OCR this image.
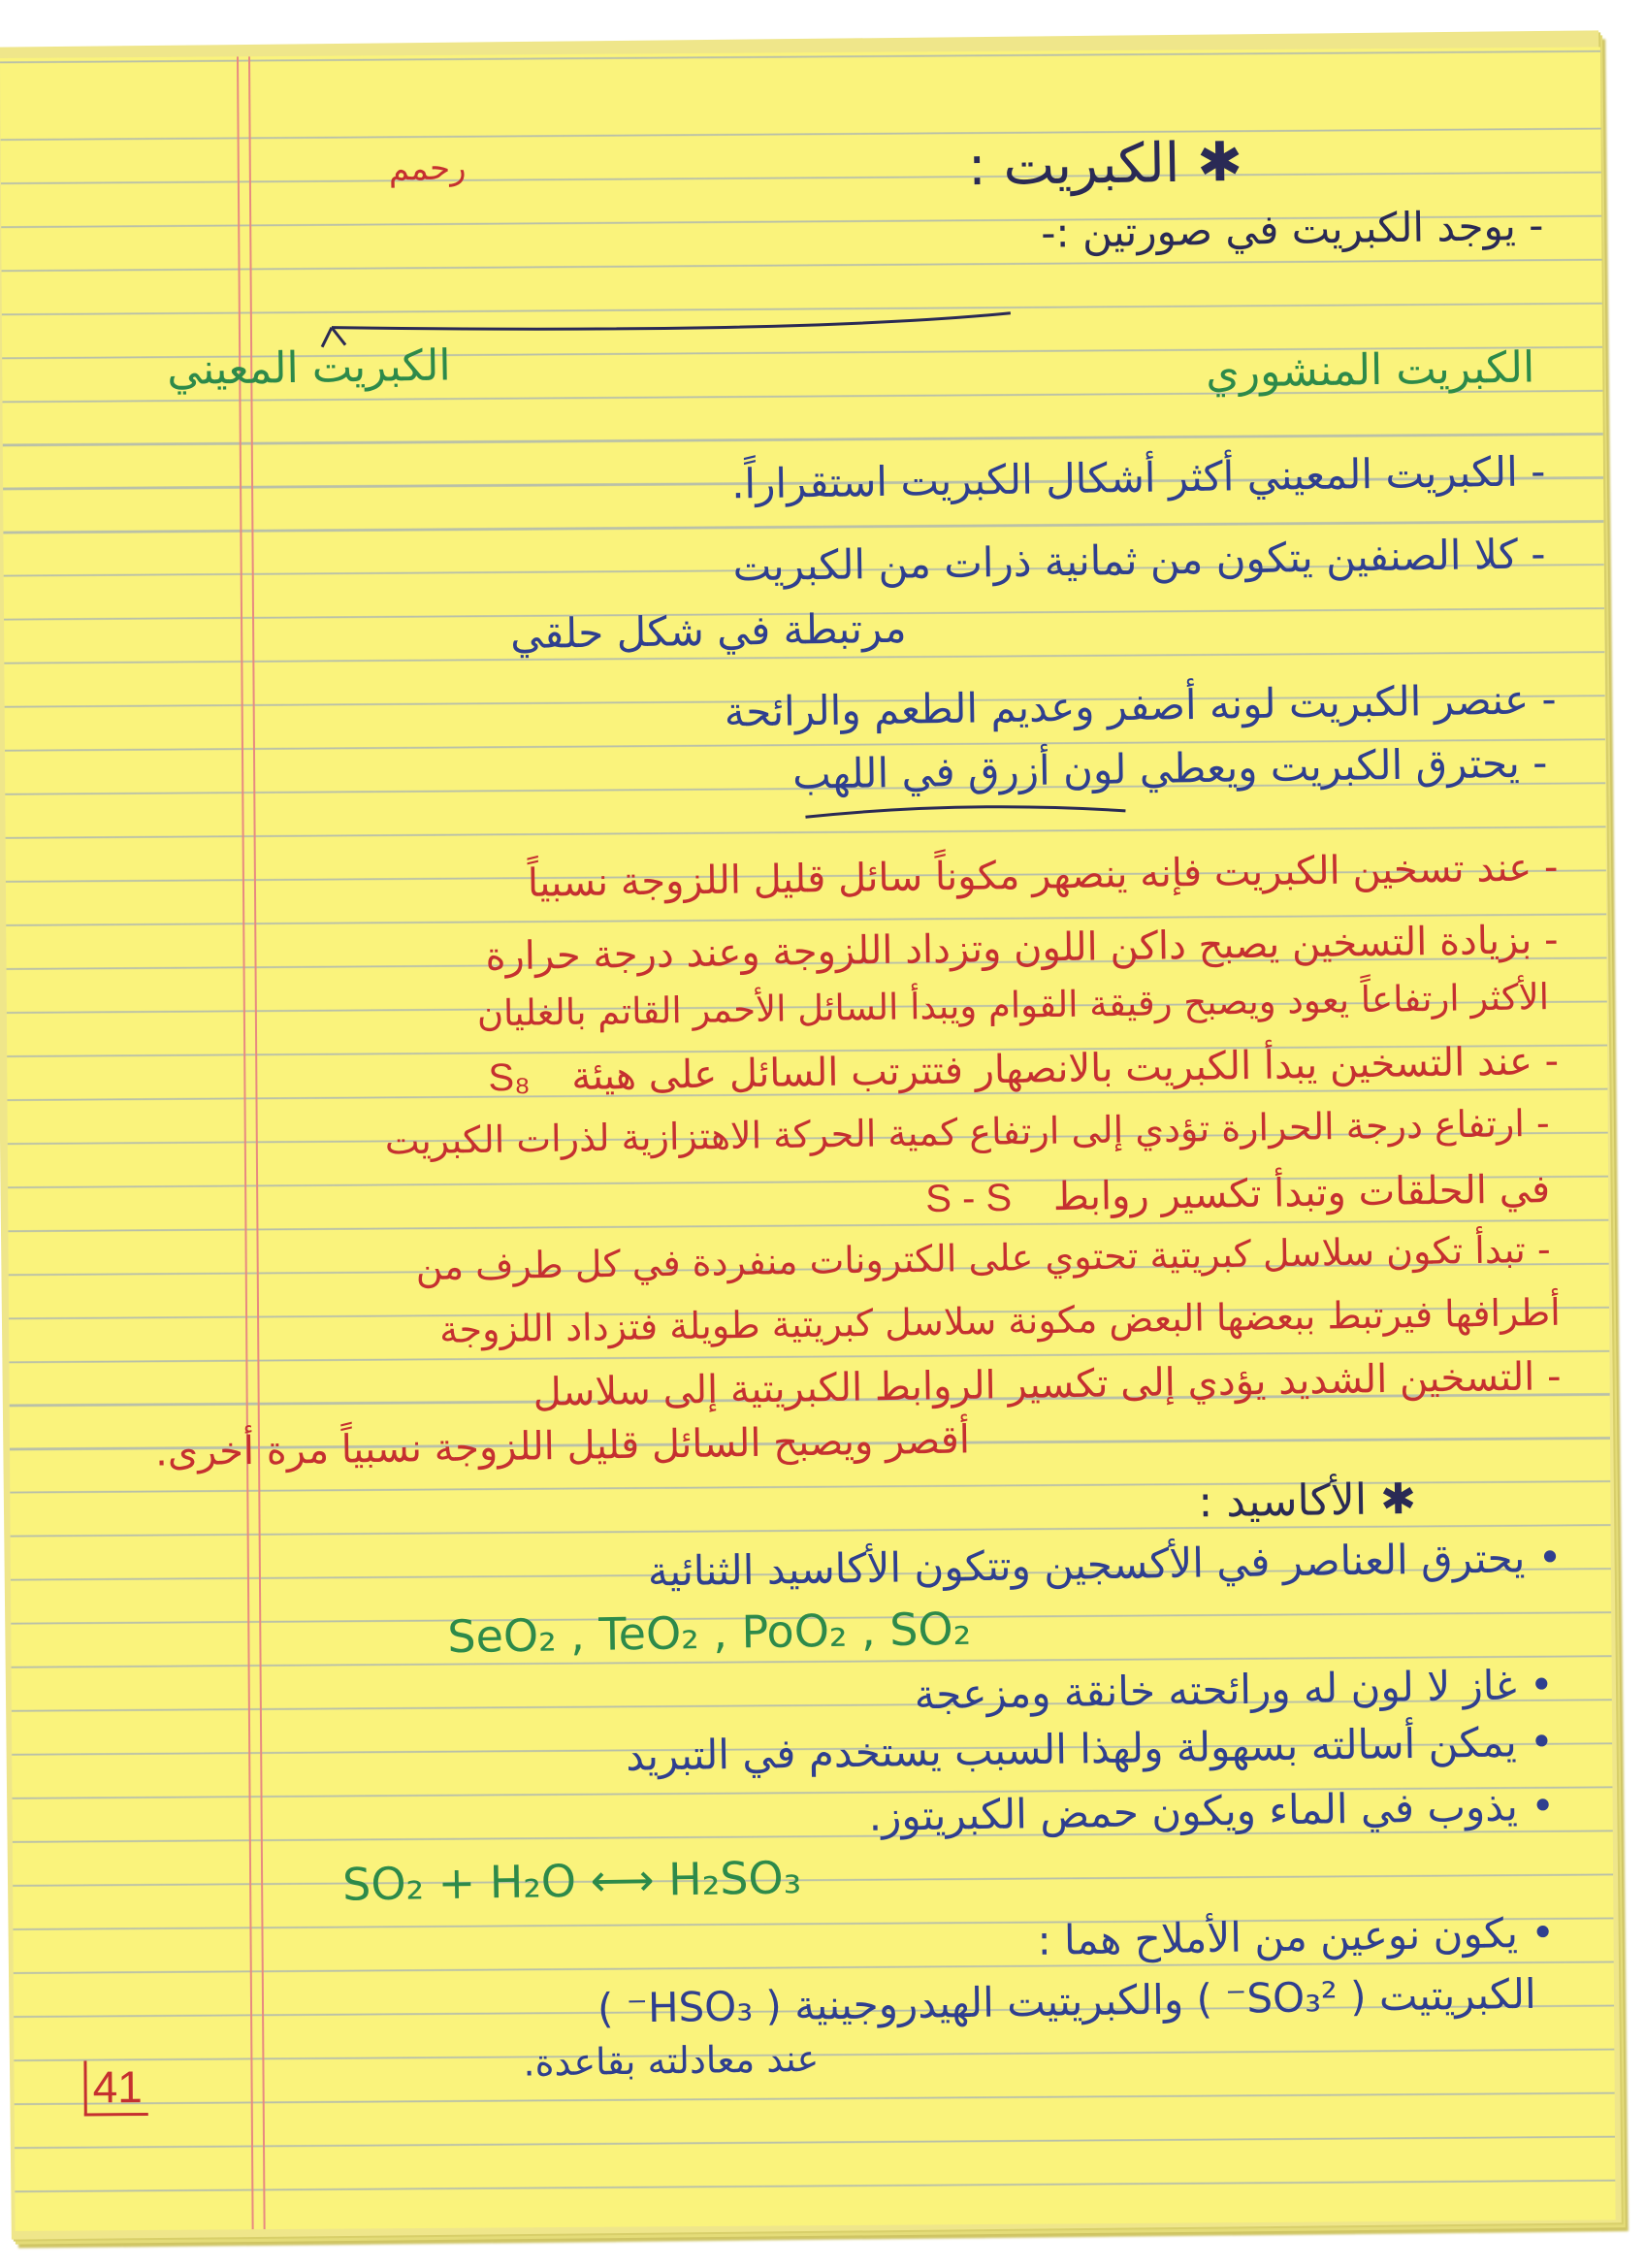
رحمم	✱ الكبريت :
- يوجد الكبريت في صورتين :-
الكبريت المعيني	الكبريت المنشوري
- الكبريت المعيني أكثر أشكال الكبريت استقراراً.
- كلا الصنفين يتكون من ثمانية ذرات من الكبريت
مرتبطة في شكل حلقي
- عنصر الكبريت لونه أصفر وعديم الطعم والرائحة
- يحترق الكبريت ويعطي لون أزرق في اللهب
- عند تسخين الكبريت فإنه ينصهر مكوناً سائل قليل اللزوجة نسبياً
- بزيادة التسخين يصبح داكن اللون وتزداد اللزوجة وعند درجة حرارة
الأكثر ارتفاعاً يعود ويصبح رقيقة القوام ويبدأ السائل الأحمر القاتم بالغليان
- عند التسخين يبدأ الكبريت بالانصهار فتترتب السائل على هيئة S₈
- ارتفاع درجة الحرارة تؤدي إلى ارتفاع كمية الحركة الاهتزازية لذرات الكبريت
في الحلقات وتبدأ تكسير روابط S - S
- تبدأ تكون سلاسل كبريتية تحتوي على الكترونات منفردة في كل طرف من
أطرافها فيرتبط ببعضها البعض مكونة سلاسل كبريتية طويلة فتزداد اللزوجة
- التسخين الشديد يؤدي إلى تكسير الروابط الكبريتية إلى سلاسل
أقصر ويصبح السائل قليل اللزوجة نسبياً مرة أخرى.
✱ الأكاسيد :
• يحترق العناصر في الأكسجين وتتكون الأكاسيد الثنائية
SeO₂ , TeO₂ , PoO₂ , SO₂
• غاز لا لون له ورائحته خانقة ومزعجة
• يمكن أسالته بسهولة ولهذا السبب يستخدم في التبريد
• يذوب في الماء ويكون حمض الكبريتوز.
SO₂ + H₂O ⟷ H₂SO₃
• يكون نوعين من الأملاح هما :
الكبريتيت ( SO₃²⁻ ) والكبريتيت الهيدروجينية ( HSO₃⁻ )
عند معادلته بقاعدة.
41
